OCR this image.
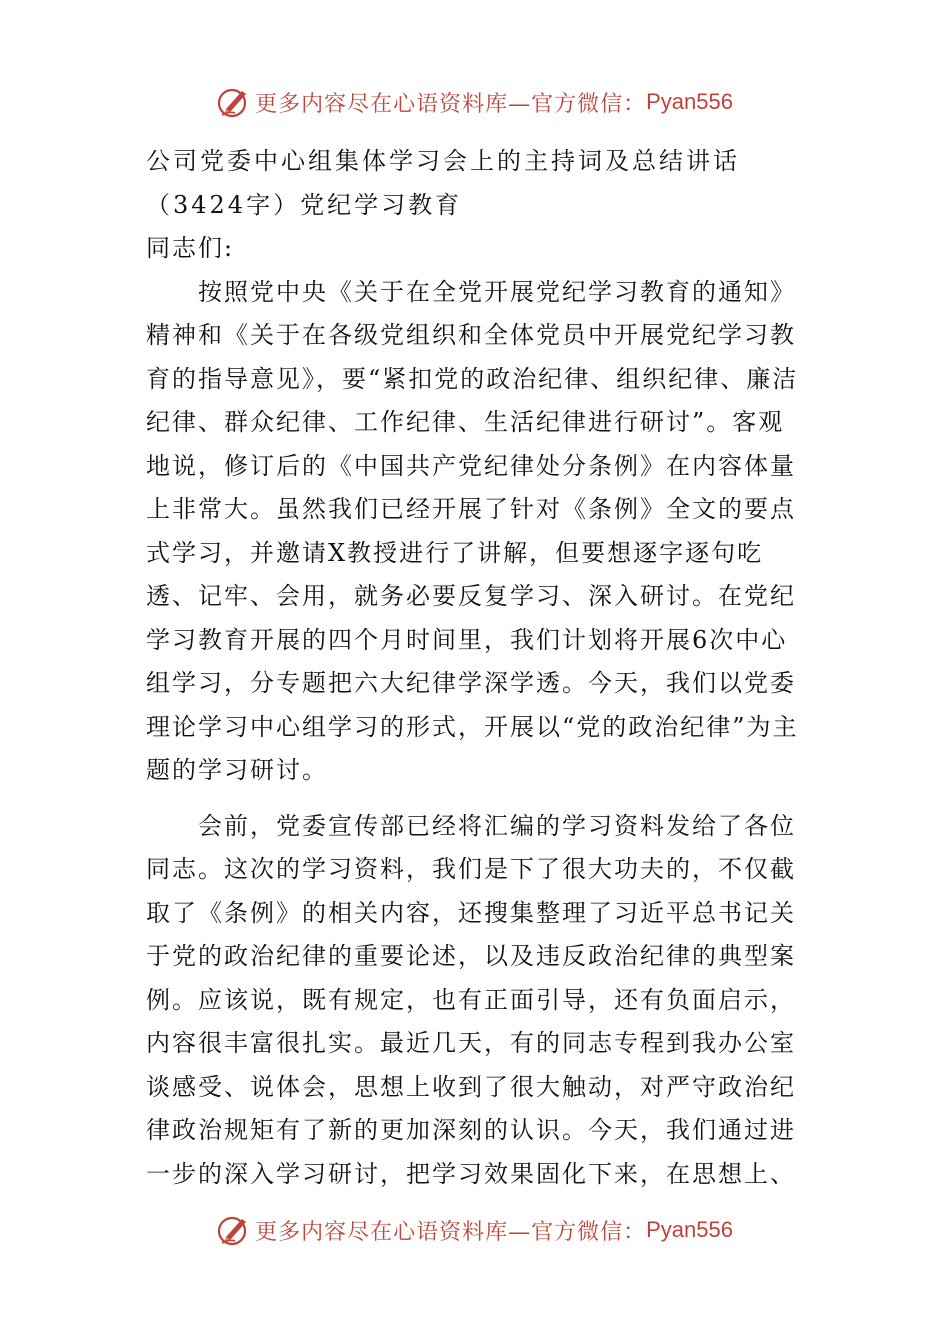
更多内容尽在心语资料库—官方微信： Pyan556

公司党委中心组集体学习会上的主持词及总结讲话（3424字）党纪学习教育

同志们:

按照党中央《关于在全党开展党纪学习教育的通知》精神和《关于在各级党组织和全体党员中开展党纪学习教育的指导意见》，要“紧扣党的政治纪律、组织纪律、廉洁纪律、群众纪律、工作纪律、生活纪律进行研讨”。客观地说，修订后的《中国共产党纪律处分条例》在内容体量上非常大。虽然我们已经开展了针对《条例》全文的要点式学习，并邀请X教授进行了讲解，但要想逐字逐句吃透、记牢、会用，就务必要反复学习、深入研讨。在党纪学习教育开展的四个月时间里，我们计划将开展6次中心组学习，分专题把六大纪律学深学透。今天，我们以党委理论学习中心组学习的形式，开展以“党的政治纪律”为主题的学习研讨。

会前，党委宣传部已经将汇编的学习资料发给了各位同志。这次的学习资料，我们是下了很大功夫的，不仅截取了《条例》的相关内容，还搜集整理了习近平总书记关于党的政治纪律的重要论述，以及违反政治纪律的典型案例。应该说，既有规定，也有正面引导，还有负面启示，内容很丰富很扎实。最近几天，有的同志专程到我办公室谈感受、说体会，思想上收到了很大触动，对严守政治纪律政治规矩有了新的更加深刻的认识。今天，我们通过进一步的深入学习研讨，把学习效果固化下来，在思想上、

更多内容尽在心语资料库—官方微信： Pyan556
